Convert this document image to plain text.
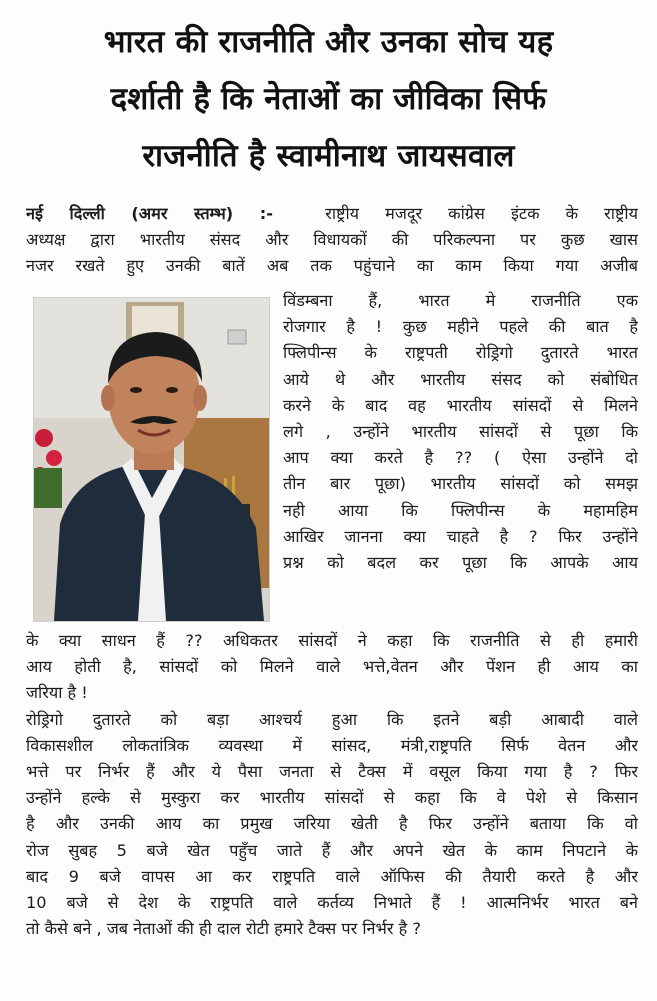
भारत की राजनीति और उनका सोच यह
दर्शाती है कि नेताओं का जीविका सिर्फ
राजनीति है स्वामीनाथ जायसवाल
नई दिल्ली (अमर स्तम्भ) :-	राष्ट्रीय मजदूर कांग्रेस इंटक के राष्ट्रीय
अध्यक्ष द्वारा भारतीय संसद और विधायकों की परिकल्पना पर कुछ खास
नजर रखते हुए उनकी बातें अब तक पहुंचाने का काम किया गया अजीब
विंडम्बना हैं, भारत मे राजनीति एक
रोजगार है ! कुछ महीने पहले की बात है
फ्लिपीन्स के राष्ट्रपती रोड्रिगो दुतारते भारत
आये थे और भारतीय संसद को संबोधित
करने के बाद वह भारतीय सांसदों से मिलने
लगे , उन्होंने भारतीय सांसदों से पूछा कि
आप क्या करते है ?? ( ऐसा उन्होंने दो
तीन बार पूछा) भारतीय सांसदों को समझ
नही आया कि फ्लिपीन्स के महामहिम
आखिर जानना क्या चाहते है ? फिर उन्होंने
प्रश्न को बदल कर पूछा कि आपके आय
के क्या साधन हैं ?? अधिकतर सांसदों ने कहा कि राजनीति से ही हमारी
आय होती है, सांसदों को मिलने वाले भत्ते,वेतन और पेंशन ही आय का
जरिया है !
रोड्रिगो दुतारते को बड़ा आश्चर्य हुआ कि इतने बड़ी आबादी वाले
विकासशील लोकतांत्रिक व्यवस्था में सांसद, मंत्री,राष्ट्रपति सिर्फ वेतन और
भत्ते पर निर्भर हैं और ये पैसा जनता से टैक्स में वसूल किया गया है ? फिर
उन्होंने हल्के से मुस्कुरा कर भारतीय सांसदों से कहा कि वे पेशे से किसान
है और उनकी आय का प्रमुख जरिया खेती है फिर उन्होंने बताया कि वो
रोज सुबह 5 बजे खेत पहुँच जाते हैं और अपने खेत के काम निपटाने के
बाद 9 बजे वापस आ कर राष्ट्रपति वाले ऑफिस की तैयारी करते है और
10 बजे से देश के राष्ट्रपति वाले कर्तव्य निभाते हैं ! आत्मनिर्भर भारत बने
तो कैसे बने , जब नेताओं की ही दाल रोटी हमारे टैक्स पर निर्भर है ?
